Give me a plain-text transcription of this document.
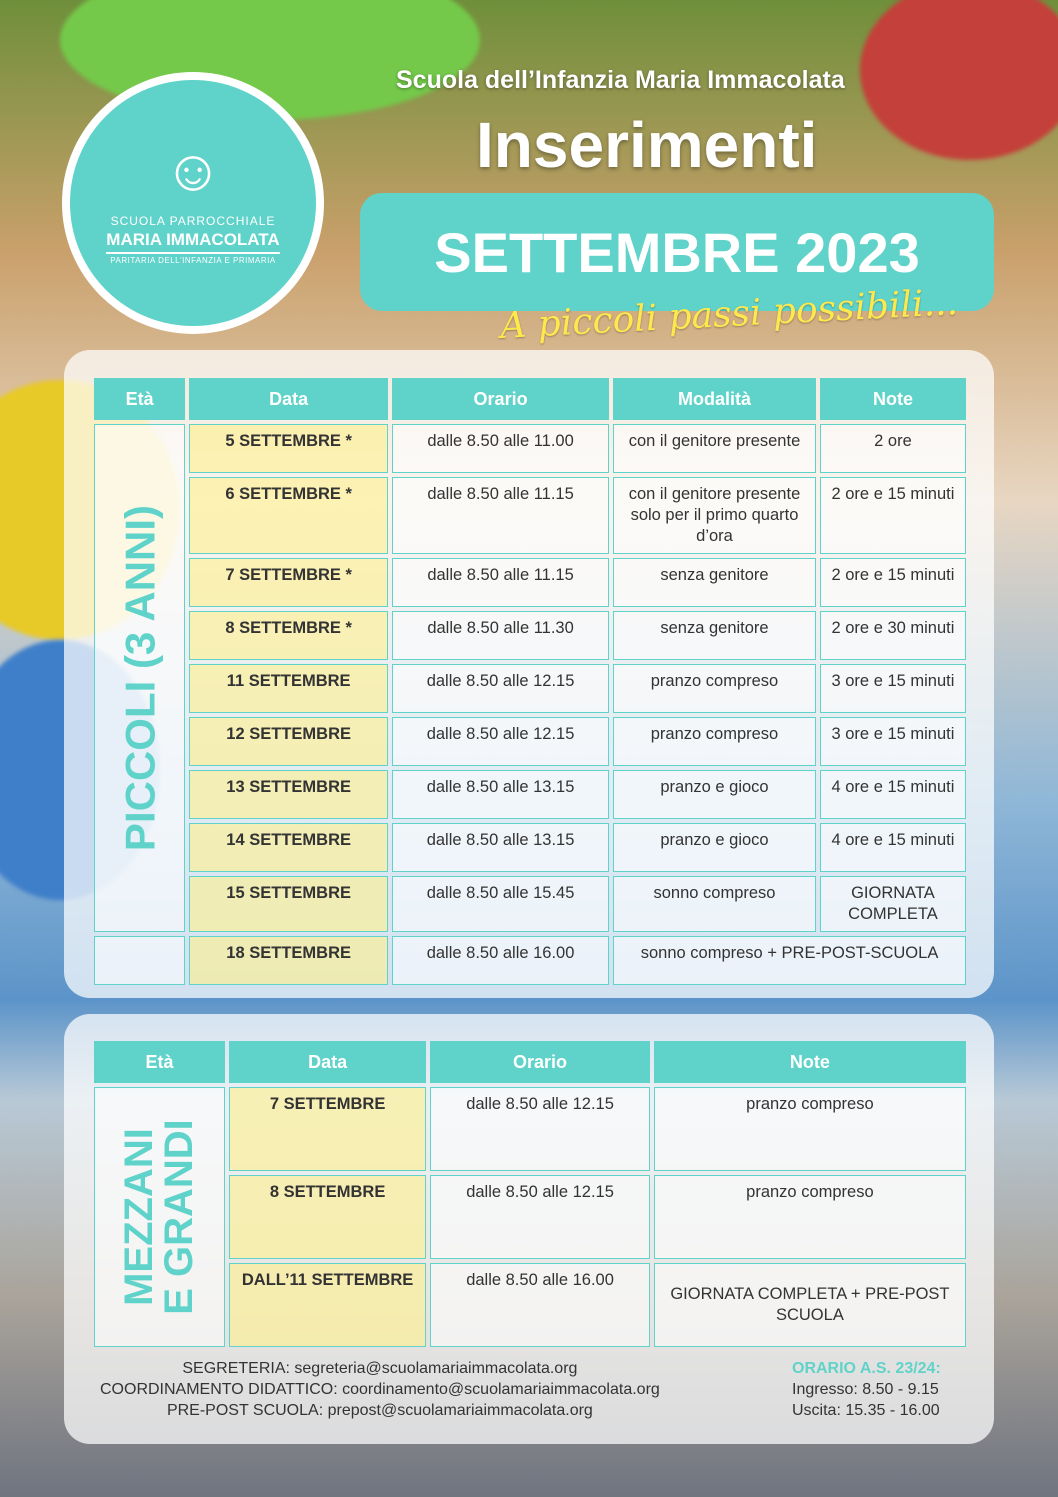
☺
SCUOLA PARROCCHIALE
MARIA IMMACOLATA
PARITARIA DELL'INFANZIA E PRIMARIA
Scuola dell’Infanzia Maria Immacolata
Inserimenti
SETTEMBRE 2023
A piccoli passi possibili...
Età	Data	Orario	Modalità	Note

PICCOLI (3 ANNI)	5 SETTEMBRE *	dalle 8.50 alle 11.00	con il genitore presente	2 ore
	6 SETTEMBRE *	dalle 8.50 alle 11.15	con il genitore presente solo per il primo quarto d’ora	2 ore e 15 minuti
	7 SETTEMBRE *	dalle 8.50 alle 11.15	senza genitore	2 ore e 15 minuti
	8 SETTEMBRE *	dalle 8.50 alle 11.30	senza genitore	2 ore e 30 minuti
	11 SETTEMBRE	dalle 8.50 alle 12.15	pranzo compreso	3 ore e 15 minuti
	12 SETTEMBRE	dalle 8.50 alle 12.15	pranzo compreso	3 ore e 15 minuti
	13 SETTEMBRE	dalle 8.50 alle 13.15	pranzo e gioco	4 ore e 15 minuti
	14 SETTEMBRE	dalle 8.50 alle 13.15	pranzo e gioco	4 ore e 15 minuti
	15 SETTEMBRE	dalle 8.50 alle 15.45	sonno compreso	GIORNATA COMPLETA
	18 SETTEMBRE	dalle 8.50 alle 16.00	sonno compreso + PRE-POST-SCUOLA	
Età	Data	Orario	Note

MEZZANI
E GRANDI	7 SETTEMBRE	dalle 8.50 alle 12.15	pranzo compreso
	8 SETTEMBRE	dalle 8.50 alle 12.15	pranzo compreso
	DALL’11 SETTEMBRE	dalle 8.50 alle 16.00	GIORNATA COMPLETA + PRE-POST SCUOLA
SEGRETERIA: segreteria@scuolamariaimmacolata.org
COORDINAMENTO DIDATTICO: coordinamento@scuolamariaimmacolata.org
PRE-POST SCUOLA: prepost@scuolamariaimmacolata.org
ORARIO A.S. 23/24:
Ingresso: 8.50 - 9.15
Uscita: 15.35 - 16.00
